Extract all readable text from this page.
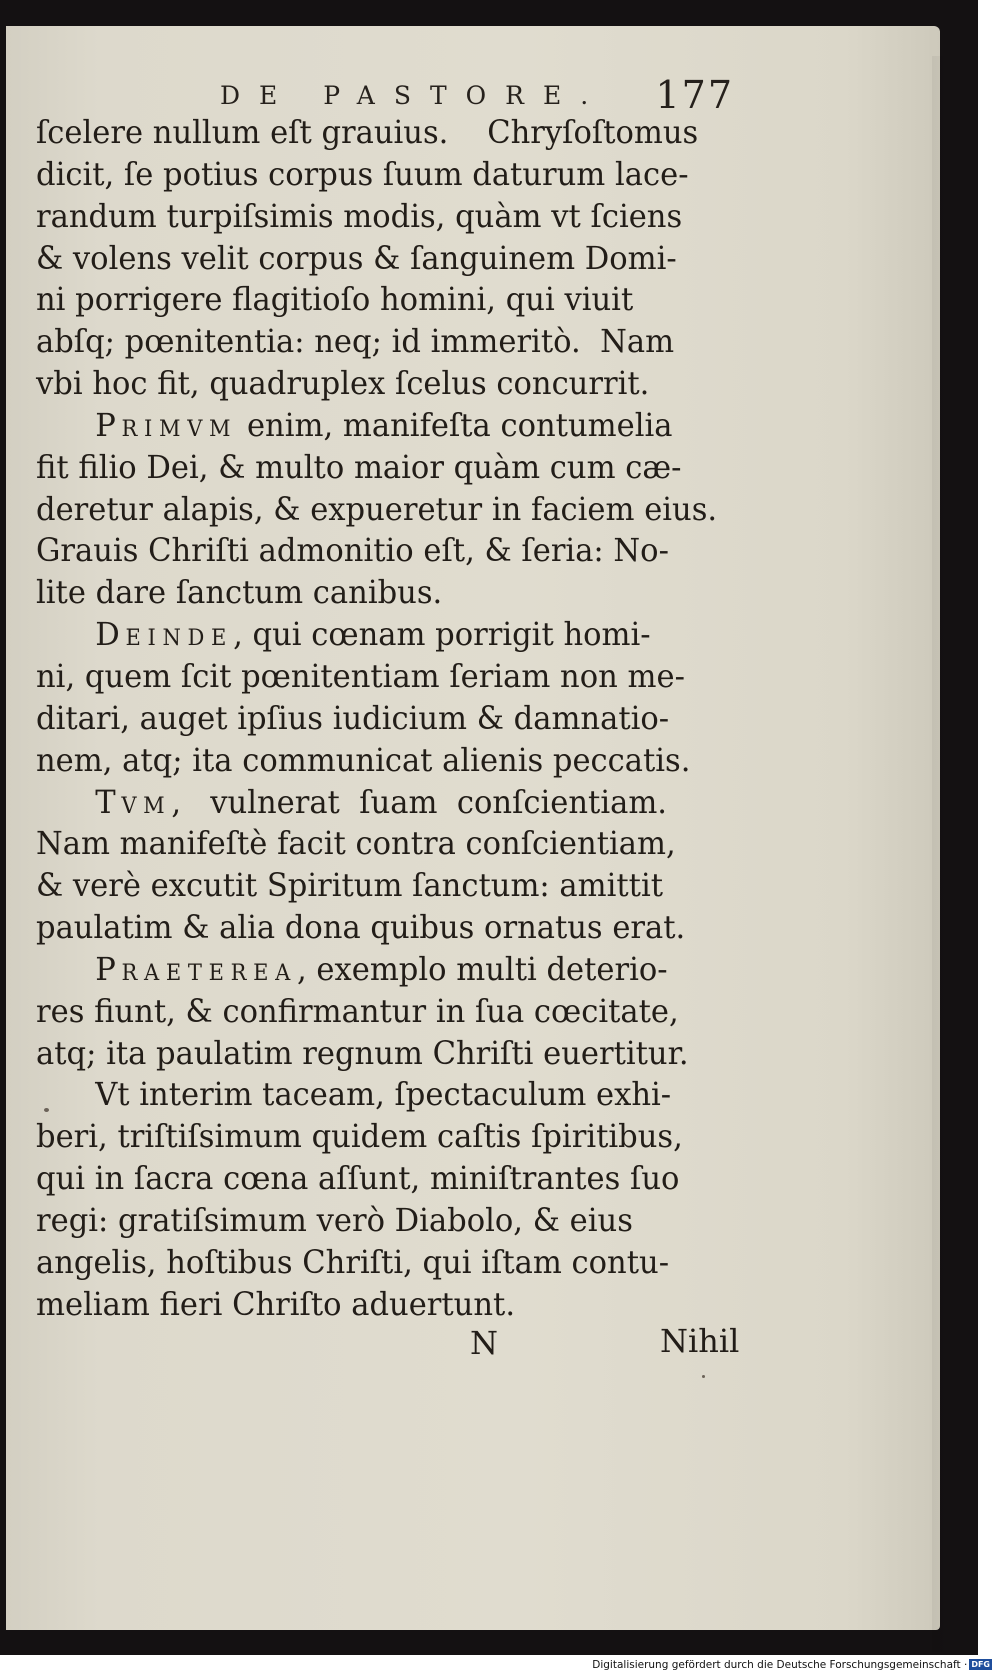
DE PASTORE. 177
ſcelere nullum eſt grauius.    Chryſoſtomus
dicit, ſe potius corpus ſuum daturum lace-
randum turpiſsimis modis, quàm vt ſciens
& volens velit corpus & ſanguinem Domi-
ni porrigere flagitioſo homini, qui viuit
abſq; pœnitentia: neq; id immeritò.  Nam
vbi hoc fit, quadruplex ſcelus concurrit.
PRIMVM enim, manifeſta contumelia
fit filio Dei, & multo maior quàm cum cæ-
deretur alapis, & expueretur in faciem eius.
Grauis Chriſti admonitio eſt, & ſeria: No-
lite dare ſanctum canibus.
DEINDE, qui cœnam porrigit homi-
ni, quem ſcit pœnitentiam ſeriam non me-
ditari, auget ipſius iudicium & damnatio-
nem, atq; ita communicat alienis peccatis.
TVM,   vulnerat  ſuam  conſcientiam.
Nam manifeſtè facit contra conſcientiam,
& verè excutit Spiritum ſanctum: amittit
paulatim & alia dona quibus ornatus erat.
PRAETEREA, exemplo multi deterio-
res fiunt, & confirmantur in ſua cœcitate,
atq; ita paulatim regnum Chriſti euertitur.
Vt interim taceam, ſpectaculum exhi-
beri, triſtiſsimum quidem caſtis ſpiritibus,
qui in ſacra cœna aſſunt, miniſtrantes ſuo
regi: gratiſsimum verò Diabolo, & eius
angelis, hoſtibus Chriſti, qui iſtam contu-
meliam fieri Chriſto aduertunt.
N	Nihil
Digitalisierung gefördert durch die Deutsche Forschungsgemeinschaft · DFG
